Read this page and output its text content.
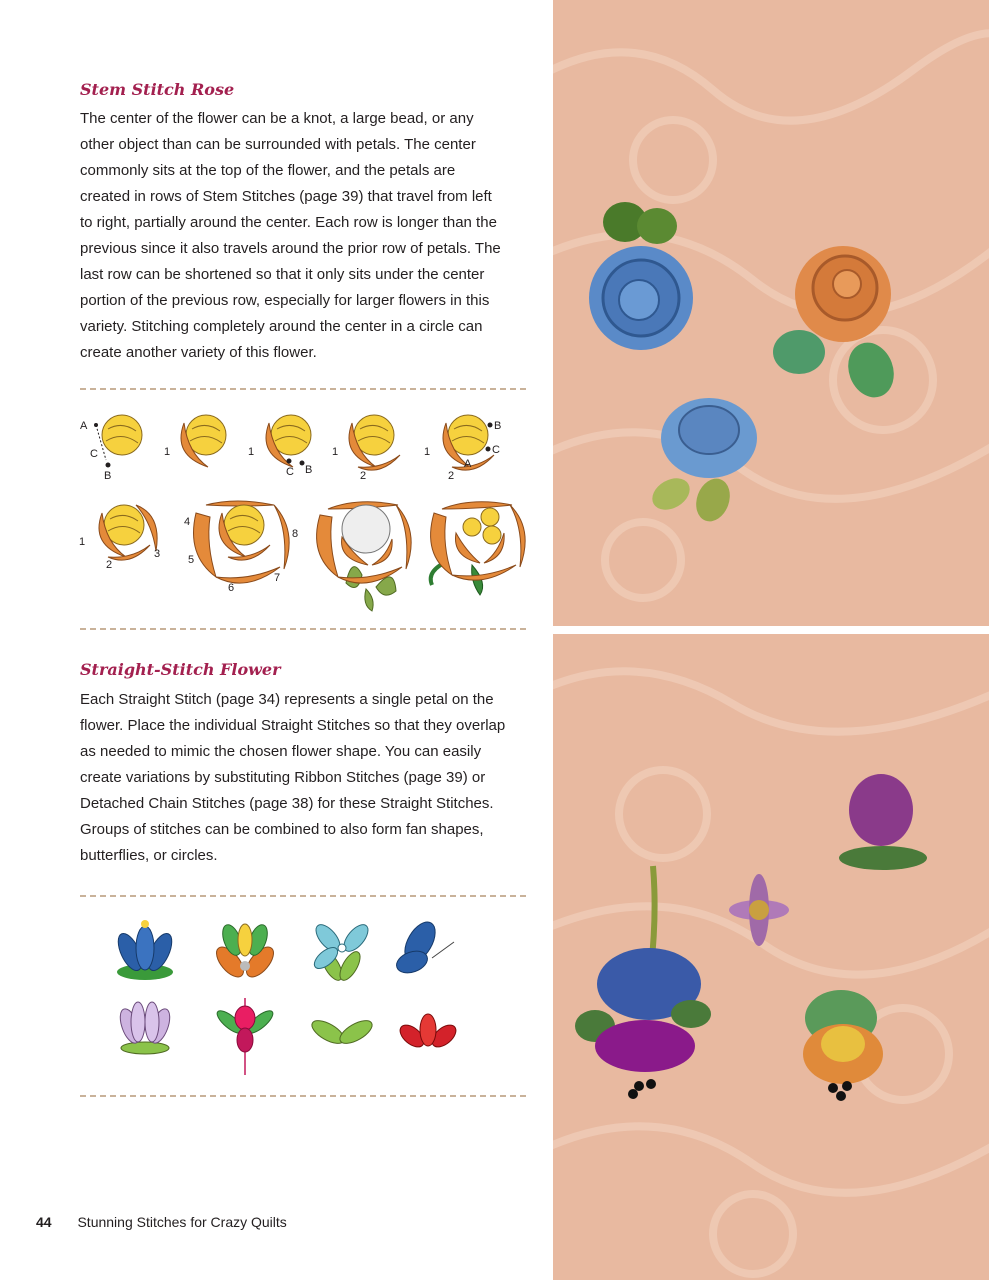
Stem Stitch Rose

The center of the flower can be a knot, a large bead, or any other object than can be surrounded with petals. The center commonly sits at the top of the flower, and the petals are created in rows of Stem Stitches (page 39) that travel from left to right, partially around the center. Each row is longer than the previous since it also travels around the prior row of petals. The last row can be shortened so that it only sits under the center portion of the previous row, especially for larger flowers in this variety. Stitching completely around the center in a circle can create another variety of this flower.

A
C
B
1	1
C B
1
2
1
B
C
A
2
1
2
3
4
5
6
7
8
Straight-Stitch Flower

Each Straight Stitch (page 34) represents a single petal on the flower. Place the individual Straight Stitches so that they overlap as needed to mimic the chosen flower shape. You can easily create variations by substituting Ribbon Stitches (page 39) or Detached Chain Stitches (page 38) for these Straight Stitches. Groups of stitches can be combined to also form fan shapes, butterflies, or circles.

44 Stunning Stitches for Crazy Quilts
